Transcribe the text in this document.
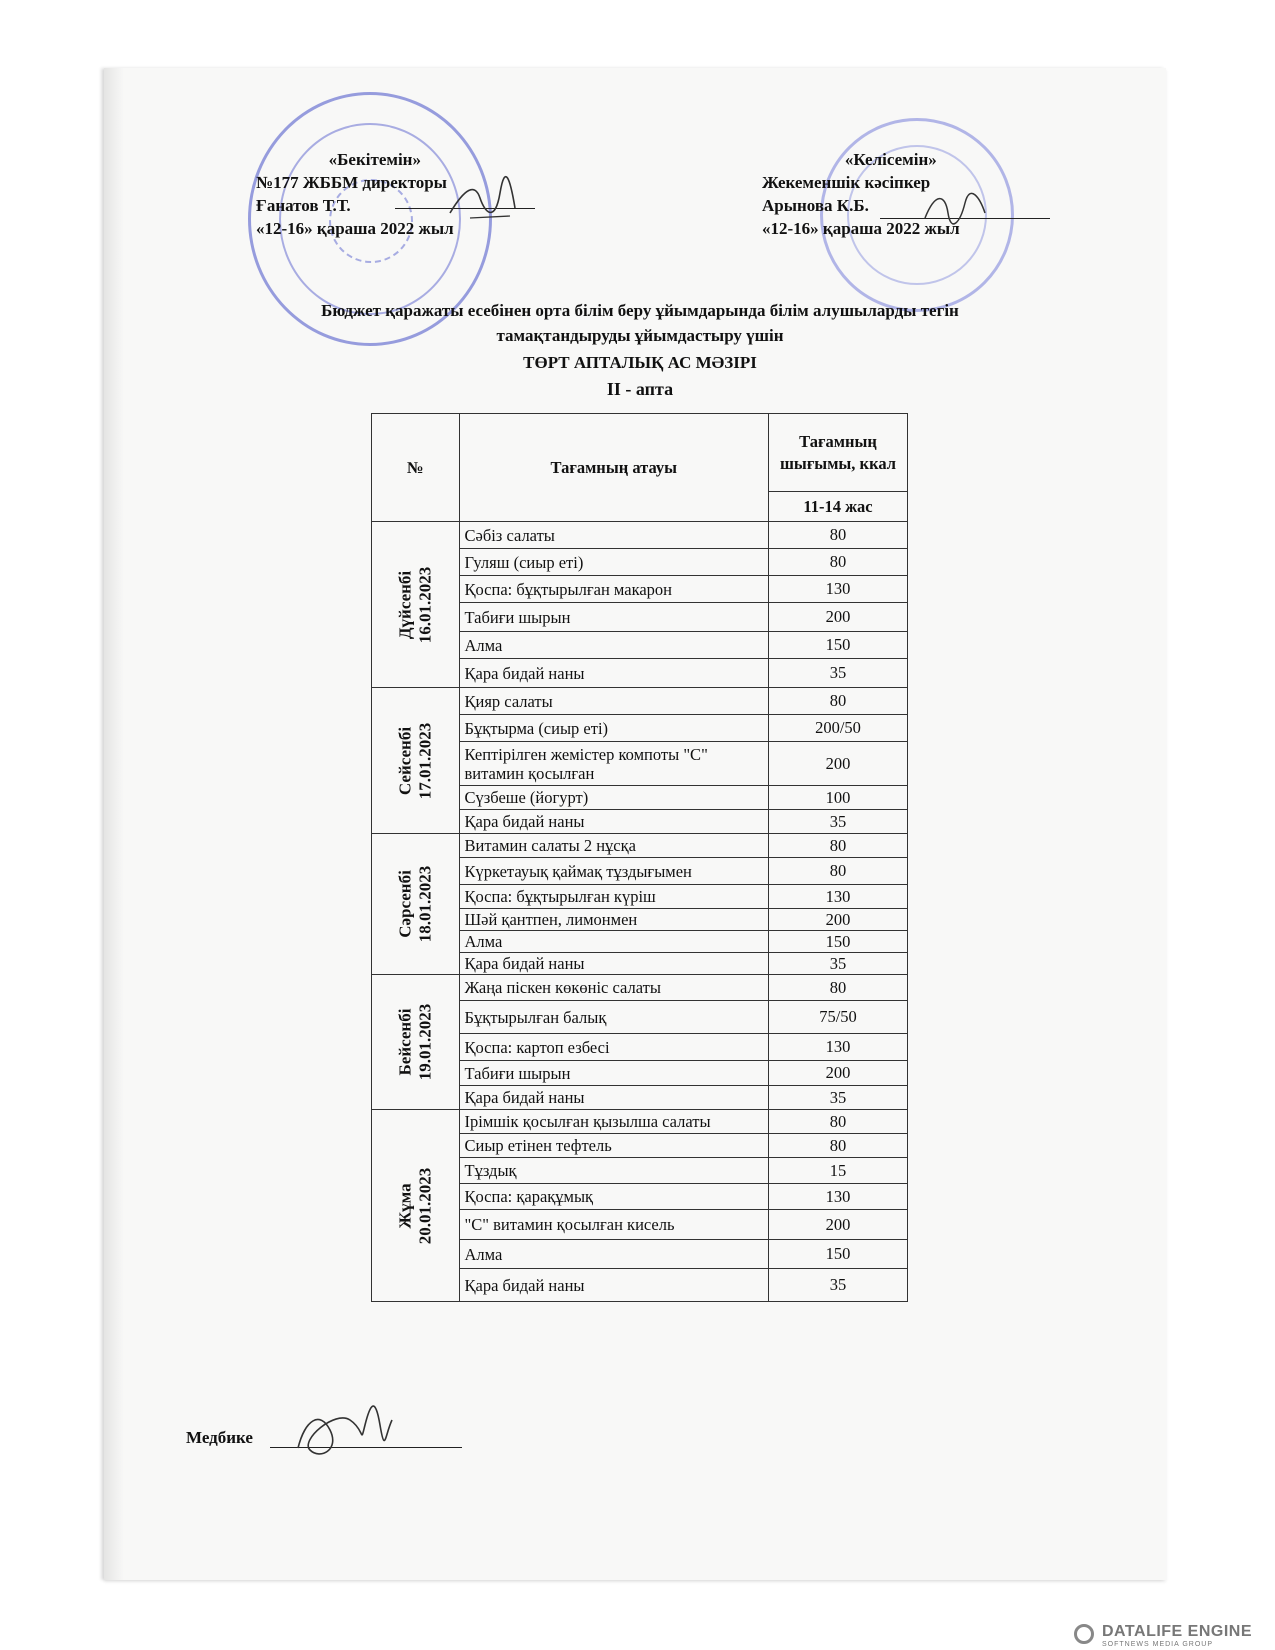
«Бекітемін»
№177 ЖББМ директоры
Ғанатов Т.Т.
«12-16» қараша 2022 жыл
«Келісемін»
Жекеменшік кәсіпкер
Арынова К.Б.
«12-16» қараша 2022 жыл
Бюджет қаражаты есебінен орта білім беру ұйымдарында білім алушыларды тегін
тамақтандыруды ұйымдастыру үшін
ТӨРТ АПТАЛЫҚ АС МӘЗІРІ
II - апта
№	Тағамның атауы	Тағамның шығымы, ккал
		11-14 жас
Дүйсенбі
16.01.2023	Сәбіз салаты	80
	Гуляш (сиыр еті)	80
	Қоспа: бұқтырылған макарон	130
	Табиғи шырын	200
	Алма	150
	Қара бидай наны	35
Сейсенбі
17.01.2023	Қияр салаты	80
	Бұқтырма (сиыр еті)	200/50
	Кептірілген жемістер компоты "С" витамин қосылған	200
	Сүзбеше (йогурт)	100
	Қара бидай наны	35
Сәрсенбі
18.01.2023	Витамин салаты 2 нұсқа	80
	Күркетауық қаймақ тұздығымен	80
	Қоспа: бұқтырылған күріш	130
	Шәй қантпен, лимонмен	200
	Алма	150
	Қара бидай наны	35
Бейсенбі
19.01.2023	Жаңа піскен көкөніс салаты	80
	Бұқтырылған балық	75/50
	Қоспа: картоп езбесі	130
	Табиғи шырын	200
	Қара бидай наны	35
Жұма
20.01.2023	Ірімшік қосылған қызылша салаты	80
	Сиыр етінен тефтель	80
	Тұздық	15
	Қоспа: қарақұмық	130
	"С" витамин қосылған кисель	200
	Алма	150
	Қара бидай наны	35
Медбике
DATALIFE ENGINE
SOFTNEWS MEDIA GROUP
